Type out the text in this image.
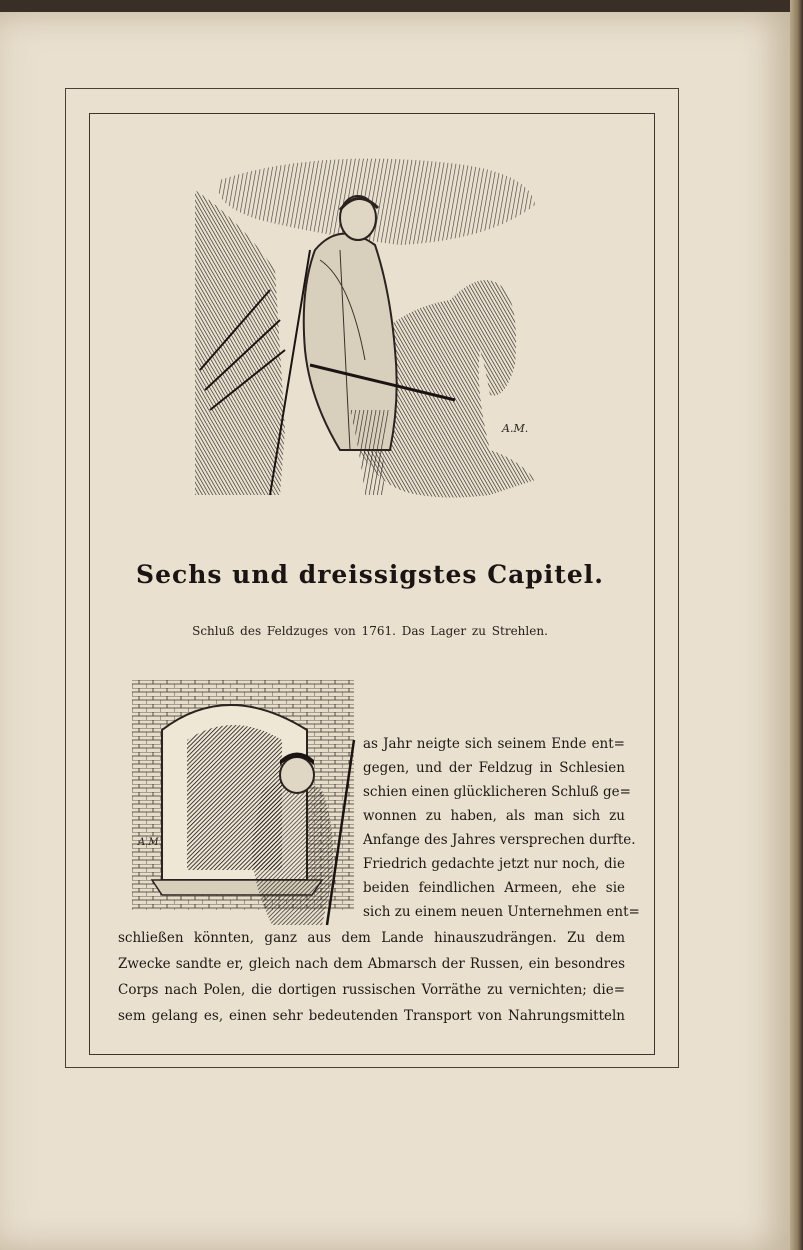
A.M.
Sechs und dreissigstes Capitel.
Schluß des Feldzuges von 1761. Das Lager zu Strehlen.
A.M.
as Jahr neigte sich seinem Ende ent=
gegen, und der Feldzug in Schlesien
schien einen glücklicheren Schluß ge=
wonnen zu haben, als man sich zu
Anfange des Jahres versprechen durfte.
Friedrich gedachte jetzt nur noch, die
beiden feindlichen Armeen, ehe sie
sich zu einem neuen Unternehmen ent=
schließen könnten, ganz aus dem Lande hinauszudrängen. Zu dem
Zwecke sandte er, gleich nach dem Abmarsch der Russen, ein besondres
Corps nach Polen, die dortigen russischen Vorräthe zu vernichten; die=
sem gelang es, einen sehr bedeutenden Transport von Nahrungsmitteln
